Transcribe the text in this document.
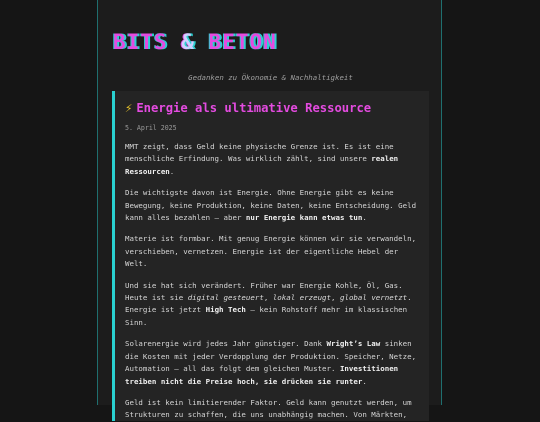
BITS & BETON
Gedanken zu Ökonomie & Nachhaltigkeit
⚡ Energie als ultimative Ressource
5. April 2025
MMT zeigt, dass Geld keine physische Grenze ist. Es ist eine menschliche Erfindung. Was wirklich zählt, sind unsere realen Ressourcen.
Die wichtigste davon ist Energie. Ohne Energie gibt es keine Bewegung, keine Produktion, keine Daten, keine Entscheidung. Geld kann alles bezahlen – aber nur Energie kann etwas tun.
Materie ist formbar. Mit genug Energie können wir sie verwandeln, verschieben, vernetzen. Energie ist der eigentliche Hebel der Welt.
Und sie hat sich verändert. Früher war Energie Kohle, Öl, Gas. Heute ist sie digital gesteuert, lokal erzeugt, global vernetzt. Energie ist jetzt High Tech – kein Rohstoff mehr im klassischen Sinn.
Solarenergie wird jedes Jahr günstiger. Dank Wright’s Law sinken die Kosten mit jeder Verdopplung der Produktion. Speicher, Netze, Automation – all das folgt dem gleichen Muster. Investitionen treiben nicht die Preise hoch, sie drücken sie runter.
Geld ist kein limitierender Faktor. Geld kann genutzt werden, um Strukturen zu schaffen, die uns unabhängig machen. Von Märkten,
